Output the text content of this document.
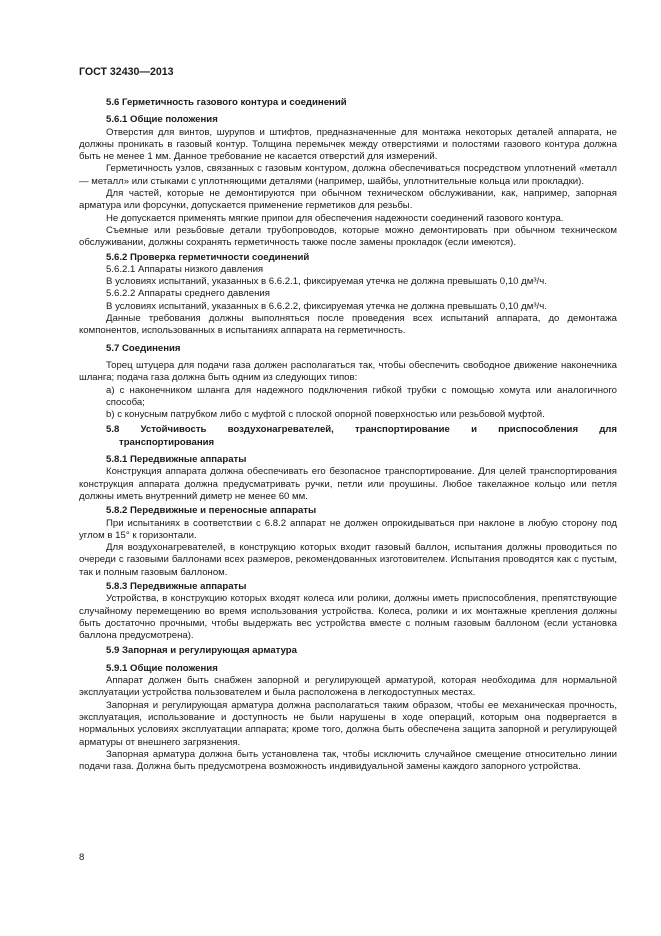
ГОСТ 32430—2013

5.6 Герметичность газового контура и соединений

5.6.1 Общие положения

Отверстия для винтов, шурупов и штифтов, предназначенные для монтажа некоторых деталей аппарата, не должны проникать в газовый контур. Толщина перемычек между отверстиями и полостями газового контура должна быть не менее 1 мм. Данное требование не касается отверстий для измерений.

Герметичность узлов, связанных с газовым контуром, должна обеспечиваться посредством уплотнений «металл — металл» или стыками с уплотняющими деталями (например, шайбы, уплотнительные кольца или прокладки).

Для частей, которые не демонтируются при обычном техническом обслуживании, как, например, запорная арматура или форсунки, допускается применение герметиков для резьбы.

Не допускается применять мягкие припои для обеспечения надежности соединений газового контура.

Съемные или резьбовые детали трубопроводов, которые можно демонтировать при обычном техническом обслуживании, должны сохранять герметичность также после замены прокладок (если имеются).

5.6.2 Проверка герметичности соединений

5.6.2.1 Аппараты низкого давления

В условиях испытаний, указанных в 6.6.2.1, фиксируемая утечка не должна превышать 0,10 дм³/ч.

5.6.2.2 Аппараты среднего давления

В условиях испытаний, указанных в 6.6.2.2, фиксируемая утечка не должна превышать 0,10 дм³/ч.

Данные требования должны выполняться после проведения всех испытаний аппарата, до демонтажа компонентов, использованных в испытаниях аппарата на герметичность.

5.7 Соединения

Торец штуцера для подачи газа должен располагаться так, чтобы обеспечить свободное движение наконечника шланга; подача газа должна быть одним из следующих типов:

a) с наконечником шланга для надежного подключения гибкой трубки с помощью хомута или аналогичного способа;

b) с конусным патрубком либо с муфтой с плоской опорной поверхностью или резьбовой муфтой.

5.8 Устойчивость воздухонагревателей, транспортирование и приспособления для

транспортирования

5.8.1 Передвижные аппараты

Конструкция аппарата должна обеспечивать его безопасное транспортирование. Для целей транспортирования конструкция аппарата должна предусматривать ручки, петли или проушины. Любое такелажное кольцо или петля должны иметь внутренний диметр не менее 60 мм.

5.8.2 Передвижные и переносные аппараты

При испытаниях в соответствии с 6.8.2 аппарат не должен опрокидываться при наклоне в любую сторону под углом в 15° к горизонтали.

Для воздухонагревателей, в конструкцию которых входит газовый баллон, испытания должны проводиться по очереди с газовыми баллонами всех размеров, рекомендованных изготовителем. Испытания проводятся как с пустым, так и полным газовым баллоном.

5.8.3 Передвижные аппараты

Устройства, в конструкцию которых входят колеса или ролики, должны иметь приспособления, препятствующие случайному перемещению во время использования устройства. Колеса, ролики и их монтажные крепления должны быть достаточно прочными, чтобы выдержать вес устройства вместе с полным газовым баллоном (если установка баллона предусмотрена).

5.9 Запорная и регулирующая арматура

5.9.1 Общие положения

Аппарат должен быть снабжен запорной и регулирующей арматурой, которая необходима для нормальной эксплуатации устройства пользователем и была расположена в легкодоступных местах.

Запорная и регулирующая арматура должна располагаться таким образом, чтобы ее механическая прочность, эксплуатация, использование и доступность не были нарушены в ходе операций, которым она подвергается в нормальных условиях эксплуатации аппарата; кроме того, должна быть обеспечена защита запорной и регулирующей арматуры от внешнего загрязнения.

Запорная арматура должна быть установлена так, чтобы исключить случайное смещение относительно линии подачи газа. Должна быть предусмотрена возможность индивидуальной замены каждого запорного устройства.

8
